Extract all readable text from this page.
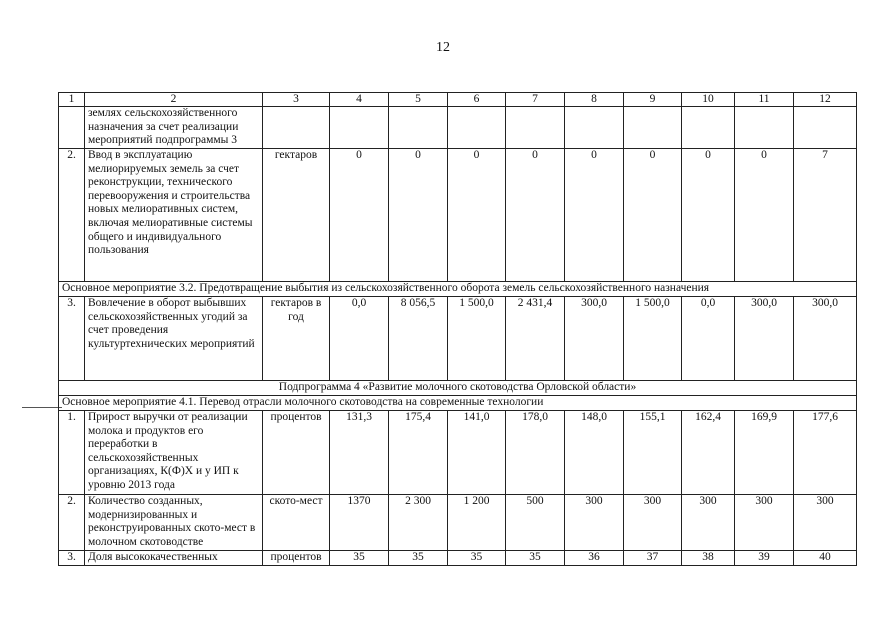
12
1	2	3	4	5	6	7	8	9	10	11	12
	землях сельскохозяйственного назначения за счет реализации мероприятий подпрограммы 3										
2.	Ввод в эксплуатацию мелиорируемых земель за счет реконструкции, технического перевооружения и строительства новых мелиоративных систем, включая мелиоративные системы общего и индивидуального пользования	гектаров	0	0	0	0	0	0	0	0	7
Основное мероприятие 3.2. Предотвращение выбытия из сельскохозяйственного оборота земель сельскохозяйственного назначения											
3.	Вовлечение в оборот выбывших сельскохозяйственных угодий за счет проведения культуртехнических мероприятий	гектаров в год	0,0	8 056,5	1 500,0	2 431,4	300,0	1 500,0	0,0	300,0	300,0
Подпрограмма 4 «Развитие молочного скотоводства Орловской области»											
Основное мероприятие 4.1. Перевод отрасли молочного скотоводства на современные технологии											
1.	Прирост выручки от реализации молока и продуктов его переработки в сельскохозяйственных организациях, К(Ф)Х и у ИП к уровню 2013 года	процентов	131,3	175,4	141,0	178,0	148,0	155,1	162,4	169,9	177,6
2.	Количество созданных, модернизированных и реконструированных ското-мест в молочном скотоводстве	ското-мест	1370	2 300	1 200	500	300	300	300	300	300
3.	Доля высококачественных	процентов	35	35	35	35	36	37	38	39	40
